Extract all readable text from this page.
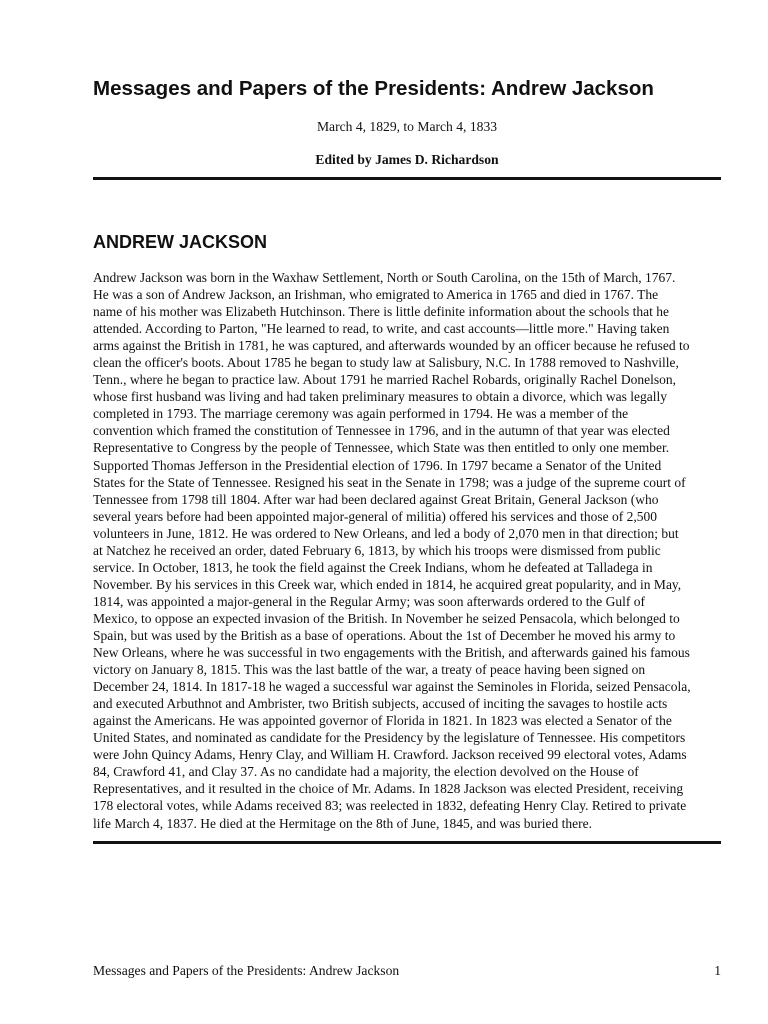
Messages and Papers of the Presidents: Andrew Jackson
March 4, 1829, to March 4, 1833
Edited by James D. Richardson
ANDREW JACKSON
Andrew Jackson was born in the Waxhaw Settlement, North or South Carolina, on the 15th of March, 1767.
He was a son of Andrew Jackson, an Irishman, who emigrated to America in 1765 and died in 1767. The
name of his mother was Elizabeth Hutchinson. There is little definite information about the schools that he
attended. According to Parton, "He learned to read, to write, and cast accounts—little more." Having taken
arms against the British in 1781, he was captured, and afterwards wounded by an officer because he refused to
clean the officer's boots. About 1785 he began to study law at Salisbury, N.C. In 1788 removed to Nashville,
Tenn., where he began to practice law. About 1791 he married Rachel Robards, originally Rachel Donelson,
whose first husband was living and had taken preliminary measures to obtain a divorce, which was legally
completed in 1793. The marriage ceremony was again performed in 1794. He was a member of the
convention which framed the constitution of Tennessee in 1796, and in the autumn of that year was elected
Representative to Congress by the people of Tennessee, which State was then entitled to only one member.
Supported Thomas Jefferson in the Presidential election of 1796. In 1797 became a Senator of the United
States for the State of Tennessee. Resigned his seat in the Senate in 1798; was a judge of the supreme court of
Tennessee from 1798 till 1804. After war had been declared against Great Britain, General Jackson (who
several years before had been appointed major-general of militia) offered his services and those of 2,500
volunteers in June, 1812. He was ordered to New Orleans, and led a body of 2,070 men in that direction; but
at Natchez he received an order, dated February 6, 1813, by which his troops were dismissed from public
service. In October, 1813, he took the field against the Creek Indians, whom he defeated at Talladega in
November. By his services in this Creek war, which ended in 1814, he acquired great popularity, and in May,
1814, was appointed a major-general in the Regular Army; was soon afterwards ordered to the Gulf of
Mexico, to oppose an expected invasion of the British. In November he seized Pensacola, which belonged to
Spain, but was used by the British as a base of operations. About the 1st of December he moved his army to
New Orleans, where he was successful in two engagements with the British, and afterwards gained his famous
victory on January 8, 1815. This was the last battle of the war, a treaty of peace having been signed on
December 24, 1814. In 1817-18 he waged a successful war against the Seminoles in Florida, seized Pensacola,
and executed Arbuthnot and Ambrister, two British subjects, accused of inciting the savages to hostile acts
against the Americans. He was appointed governor of Florida in 1821. In 1823 was elected a Senator of the
United States, and nominated as candidate for the Presidency by the legislature of Tennessee. His competitors
were John Quincy Adams, Henry Clay, and William H. Crawford. Jackson received 99 electoral votes, Adams
84, Crawford 41, and Clay 37. As no candidate had a majority, the election devolved on the House of
Representatives, and it resulted in the choice of Mr. Adams. In 1828 Jackson was elected President, receiving
178 electoral votes, while Adams received 83; was reelected in 1832, defeating Henry Clay. Retired to private
life March 4, 1837. He died at the Hermitage on the 8th of June, 1845, and was buried there.
Messages and Papers of the Presidents: Andrew Jackson	1
